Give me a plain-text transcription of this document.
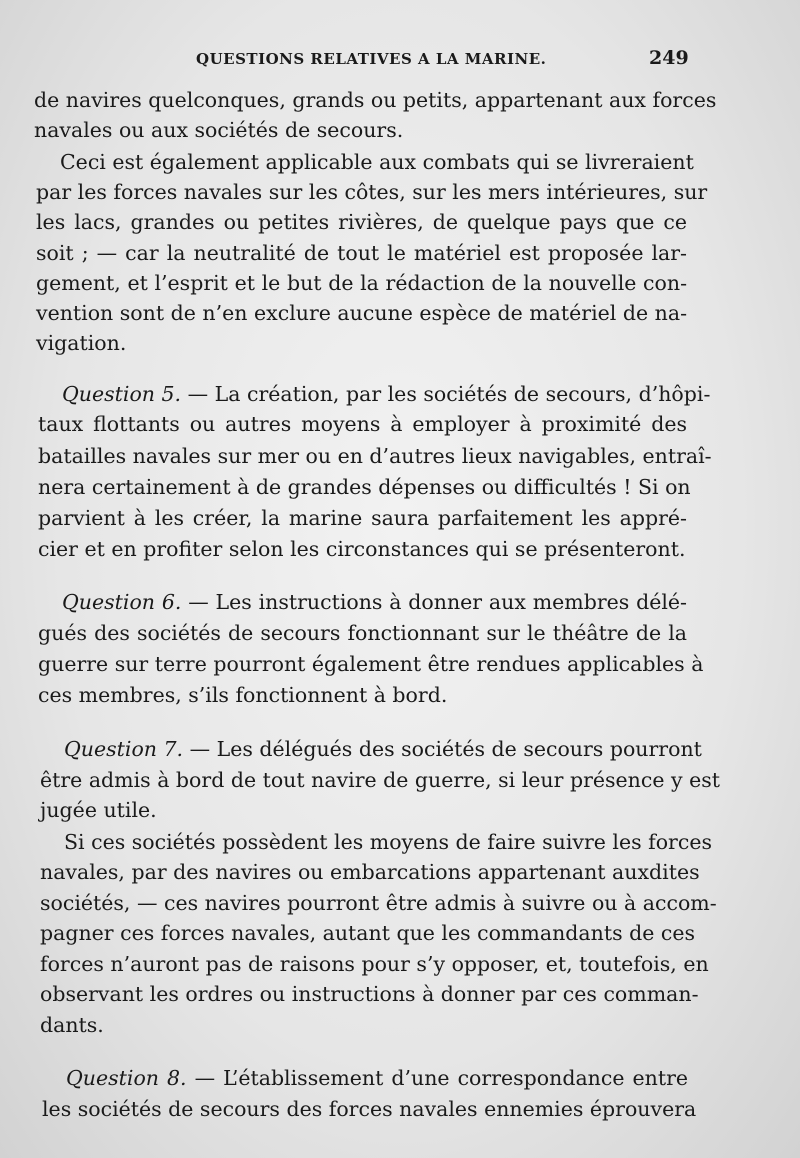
QUESTIONS RELATIVES A LA MARINE.	249
de navires quelconques, grands ou petits, appartenant aux forces
navales ou aux sociétés de secours.
Ceci est également applicable aux combats qui se livreraient
par les forces navales sur les côtes, sur les mers intérieures, sur
les lacs, grandes ou petites rivières, de quelque pays que ce
soit ; — car la neutralité de tout le matériel est proposée lar-
gement, et l’esprit et le but de la rédaction de la nouvelle con-
vention sont de n’en exclure aucune espèce de matériel de na-
vigation.
Question 5. — La création, par les sociétés de secours, d’hôpi-
taux flottants ou autres moyens à employer à proximité des
batailles navales sur mer ou en d’autres lieux navigables, entraî-
nera certainement à de grandes dépenses ou difficultés ! Si on
parvient à les créer, la marine saura parfaitement les appré-
cier et en profiter selon les circonstances qui se présenteront.
Question 6. — Les instructions à donner aux membres délé-
gués des sociétés de secours fonctionnant sur le théâtre de la
guerre sur terre pourront également être rendues applicables à
ces membres, s’ils fonctionnent à bord.
Question 7. — Les délégués des sociétés de secours pourront
être admis à bord de tout navire de guerre, si leur présence y est
jugée utile.
Si ces sociétés possèdent les moyens de faire suivre les forces
navales, par des navires ou embarcations appartenant auxdites
sociétés, — ces navires pourront être admis à suivre ou à accom-
pagner ces forces navales, autant que les commandants de ces
forces n’auront pas de raisons pour s’y opposer, et, toutefois, en
observant les ordres ou instructions à donner par ces comman-
dants.
Question 8. — L’établissement d’une correspondance entre
les sociétés de secours des forces navales ennemies éprouvera
